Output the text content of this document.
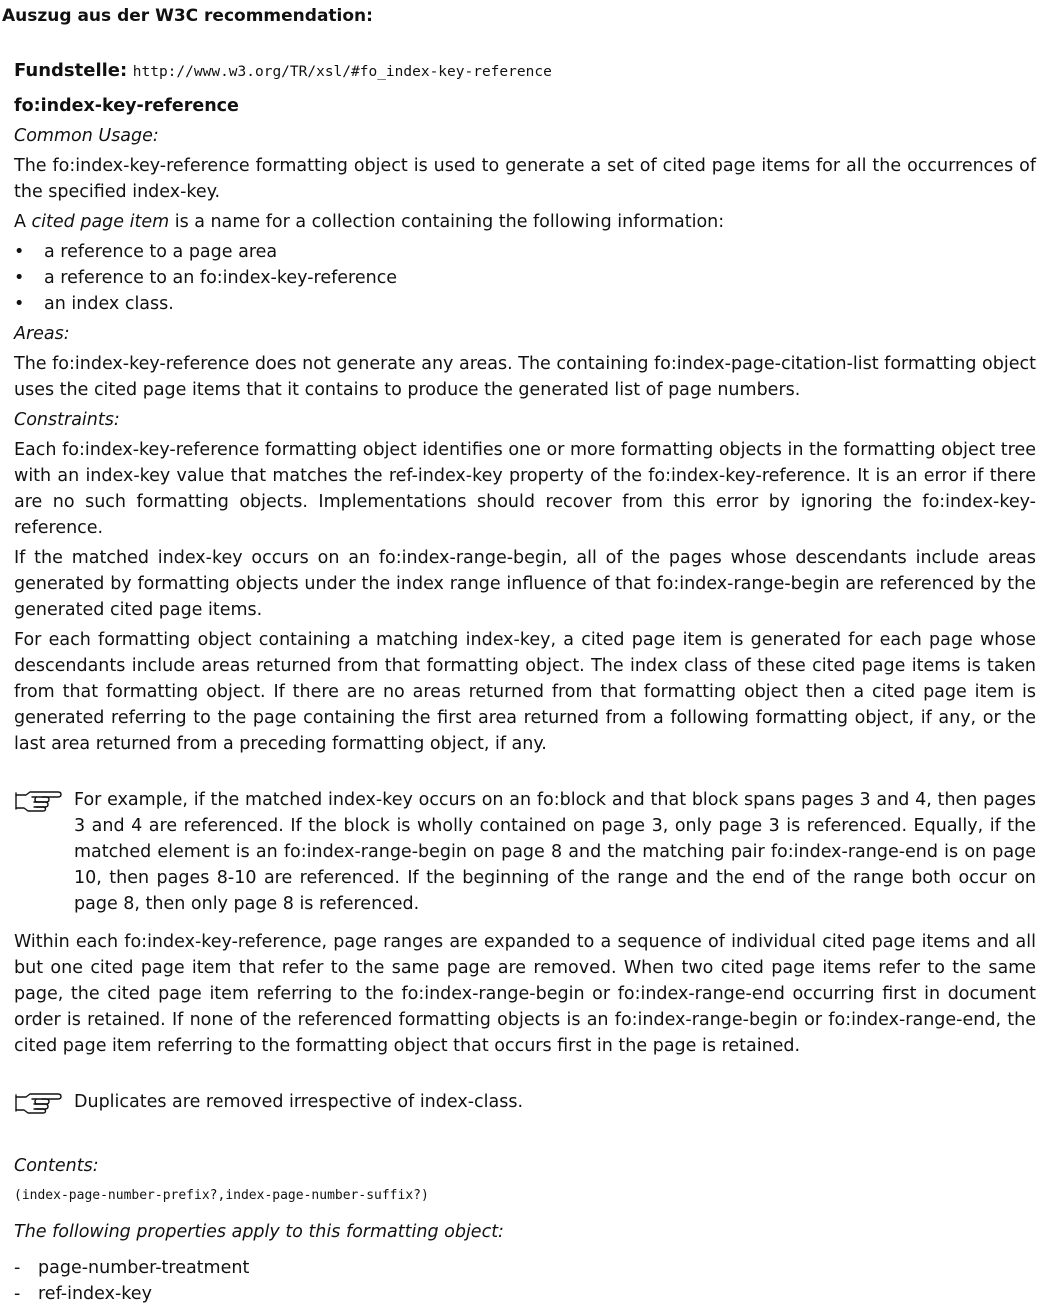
Auszug aus der W3C recommendation:

Fundstelle: http://www.w3.org/TR/xsl/#fo_index-key-reference

fo:index-key-reference

Common Usage:

The fo:index-key-reference formatting object is used to generate a set of cited page items for all the occurrences of the specified index-key.

A cited page item is a name for a collection containing the following information:

• a reference to a page area
• a reference to an fo:index-key-reference
• an index class.

Areas:

The fo:index-key-reference does not generate any areas. The containing fo:index-page-citation-list formatting object uses the cited page items that it contains to produce the generated list of page numbers.

Constraints:

Each fo:index-key-reference formatting object identifies one or more formatting objects in the formatting object tree with an index-key value that matches the ref-index-key property of the fo:index-key-reference. It is an error if there are no such formatting objects. Implementations should recover from this error by ignoring the fo:index-key-reference.

If the matched index-key occurs on an fo:index-range-begin, all of the pages whose descendants include areas generated by formatting objects under the index range influence of that fo:index-range-begin are referenced by the generated cited page items.

For each formatting object containing a matching index-key, a cited page item is generated for each page whose descendants include areas returned from that formatting object. The index class of these cited page items is taken from that formatting object. If there are no areas returned from that formatting object then a cited page item is generated referring to the page containing the first area returned from a following formatting object, if any, or the last area returned from a preceding formatting object, if any.

For example, if the matched index-key occurs on an fo:block and that block spans pages 3 and 4, then pages 3 and 4 are referenced. If the block is wholly contained on page 3, only page 3 is referenced. Equally, if the matched element is an fo:index-range-begin on page 8 and the matching pair fo:index-range-end is on page 10, then pages 8-10 are referenced. If the beginning of the range and the end of the range both occur on page 8, then only page 8 is referenced.

Within each fo:index-key-reference, page ranges are expanded to a sequence of individual cited page items and all but one cited page item that refer to the same page are removed. When two cited page items refer to the same page, the cited page item referring to the fo:index-range-begin or fo:index-range-end occurring first in document order is retained. If none of the referenced formatting objects is an fo:index-range-begin or fo:index-range-end, the cited page item referring to the formatting object that occurs first in the page is retained.

Duplicates are removed irrespective of index-class.

Contents:

(index-page-number-prefix?,index-page-number-suffix?)

The following properties apply to this formatting object:

- page-number-treatment
- ref-index-key
